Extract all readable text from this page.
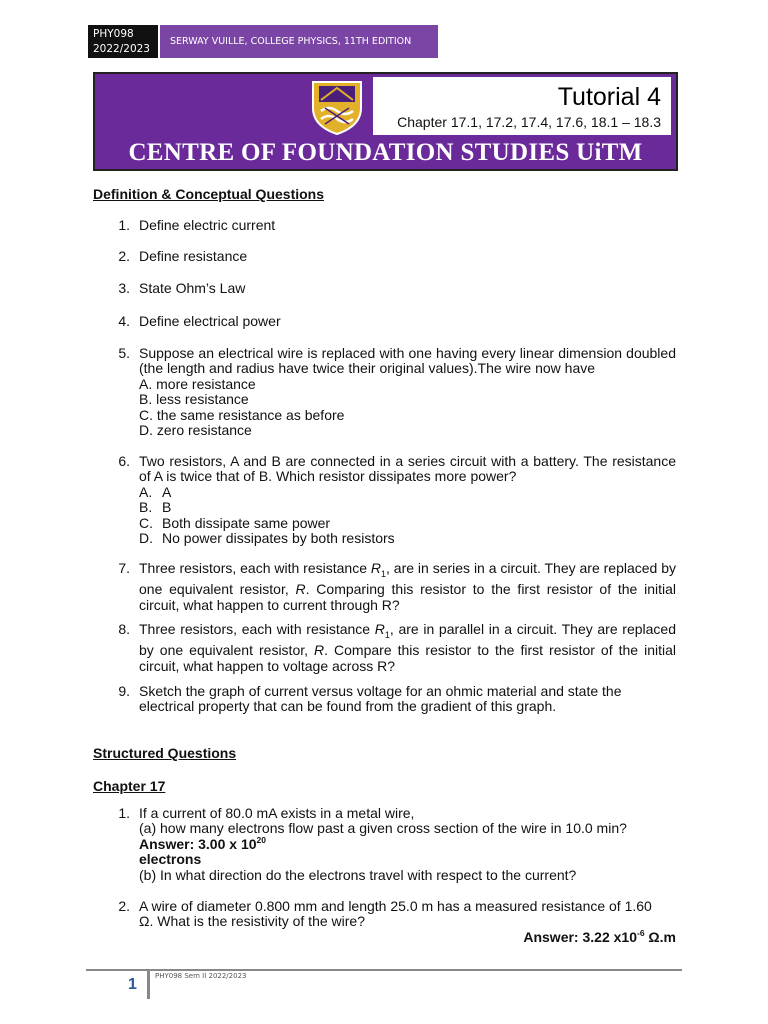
PHY098
2022/2023
SERWAY VUILLE, COLLEGE PHYSICS, 11TH EDITION
Tutorial 4
Chapter 17.1, 17.2, 17.4, 17.6, 18.1 – 18.3
CENTRE OF FOUNDATION STUDIES UiTM
Definition & Conceptual Questions
1. Define electric current

2. Define resistance

3. State Ohm’s Law

4. Define electrical power

5. Suppose an electrical wire is replaced with one having every linear dimension doubled (the length and radius have twice their original values).The wire now have

A. more resistance

B. less resistance

C. the same resistance as before

D. zero resistance

6. Two resistors, A and B are connected in a series circuit with a battery. The resistance of A is twice that of B. Which resistor dissipates more power?

A. A

B. B

C. Both dissipate same power

D. No power dissipates by both resistors

7. Three resistors, each with resistance $R_1$, are in series in a circuit. They are replaced by one equivalent resistor, R. Comparing this resistor to the first resistor of the initial circuit, what happen to current through R?

8. Three resistors, each with resistance $R_1$, are in parallel in a circuit. They are replaced by one equivalent resistor, R. Compare this resistor to the first resistor of the initial circuit, what happen to voltage across R?

9. Sketch the graph of current versus voltage for an ohmic material and state the electrical property that can be found from the gradient of this graph.

Structured Questions
Chapter 17
1. If a current of 80.0 mA exists in a metal wire,

(a) how many electrons flow past a given cross section of the wire in 10.0 min?

Answer: 3.00 x $10^{20}$
electrons

(b) In what direction do the electrons travel with respect to the current?

2. A wire of diameter 0.800 mm and length 25.0 m has a measured resistance of 1.60 Ω. What is the resistivity of the wire?

Answer: 3.22 $x10^{-6}$ Ω.m

1	PHY098 Sem II 2022/2023
